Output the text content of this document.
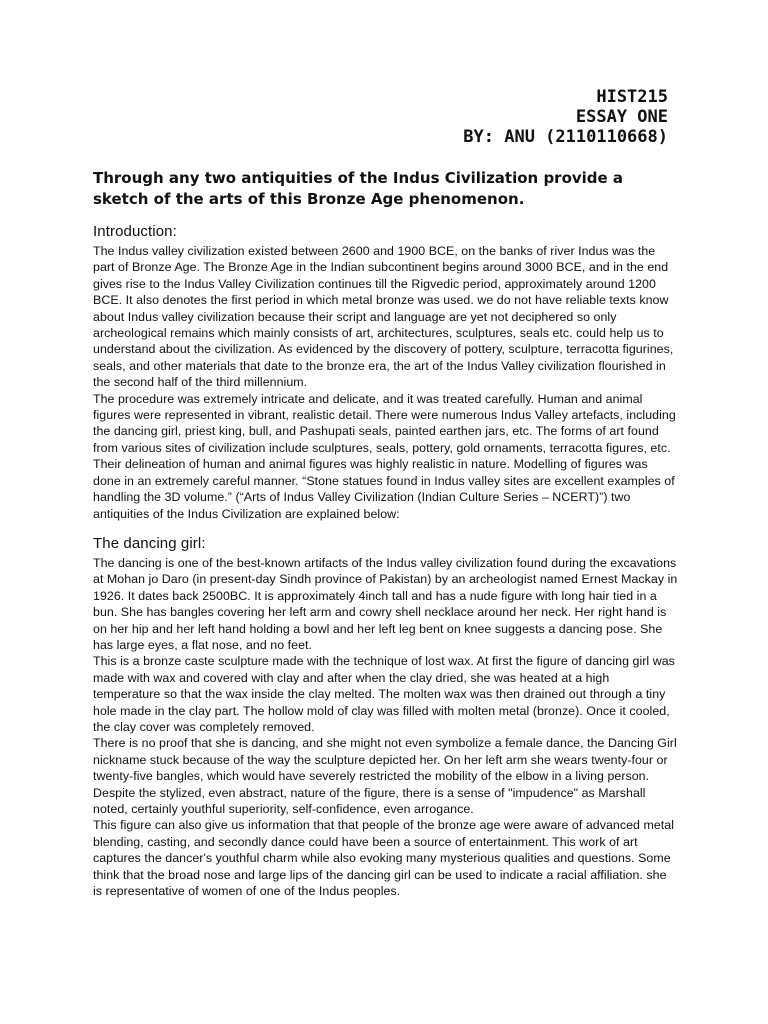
HIST215
ESSAY ONE
BY: ANU (2110110668)

Through any two antiquities of the Indus Civilization provide a sketch of the arts of this Bronze Age phenomenon.

Introduction:

The Indus valley civilization existed between 2600 and 1900 BCE, on the banks of river Indus was the part of Bronze Age. The Bronze Age in the Indian subcontinent begins around 3000 BCE, and in the end gives rise to the Indus Valley Civilization continues till the Rigvedic period, approximately around 1200 BCE. It also denotes the first period in which metal bronze was used. we do not have reliable texts know about Indus valley civilization because their script and language are yet not deciphered so only archeological remains which mainly consists of art, architectures, sculptures, seals etc. could help us to understand about the civilization. As evidenced by the discovery of pottery, sculpture, terracotta figurines, seals, and other materials that date to the bronze era, the art of the Indus Valley civilization flourished in the second half of the third millennium.

The procedure was extremely intricate and delicate, and it was treated carefully. Human and animal figures were represented in vibrant, realistic detail. There were numerous Indus Valley artefacts, including the dancing girl, priest king, bull, and Pashupati seals, painted earthen jars, etc. The forms of art found from various sites of civilization include sculptures, seals, pottery, gold ornaments, terracotta figures, etc. Their delineation of human and animal figures was highly realistic in nature. Modelling of figures was done in an extremely careful manner. “Stone statues found in Indus valley sites are excellent examples of handling the 3D volume.” (“Arts of Indus Valley Civilization (Indian Culture Series – NCERT)”) two antiquities of the Indus Civilization are explained below:

The dancing girl:

The dancing is one of the best-known artifacts of the Indus valley civilization found during the excavations at Mohan jo Daro (in present-day Sindh province of Pakistan) by an archeologist named Ernest Mackay in 1926. It dates back 2500BC. It is approximately 4inch tall and has a nude figure with long hair tied in a bun. She has bangles covering her left arm and cowry shell necklace around her neck. Her right hand is on her hip and her left hand holding a bowl and her left leg bent on knee suggests a dancing pose. She has large eyes, a flat nose, and no feet.

This is a bronze caste sculpture made with the technique of lost wax. At first the figure of dancing girl was made with wax and covered with clay and after when the clay dried, she was heated at a high temperature so that the wax inside the clay melted. The molten wax was then drained out through a tiny hole made in the clay part. The hollow mold of clay was filled with molten metal (bronze). Once it cooled, the clay cover was completely removed.

There is no proof that she is dancing, and she might not even symbolize a female dance, the Dancing Girl nickname stuck because of the way the sculpture depicted her. On her left arm she wears twenty-four or twenty-five bangles, which would have severely restricted the mobility of the elbow in a living person. Despite the stylized, even abstract, nature of the figure, there is a sense of "impudence" as Marshall noted, certainly youthful superiority, self-confidence, even arrogance.

This figure can also give us information that that people of the bronze age were aware of advanced metal blending, casting, and secondly dance could have been a source of entertainment. This work of art captures the dancer's youthful charm while also evoking many mysterious qualities and questions. Some think that the broad nose and large lips of the dancing girl can be used to indicate a racial affiliation. she is representative of women of one of the Indus peoples.
